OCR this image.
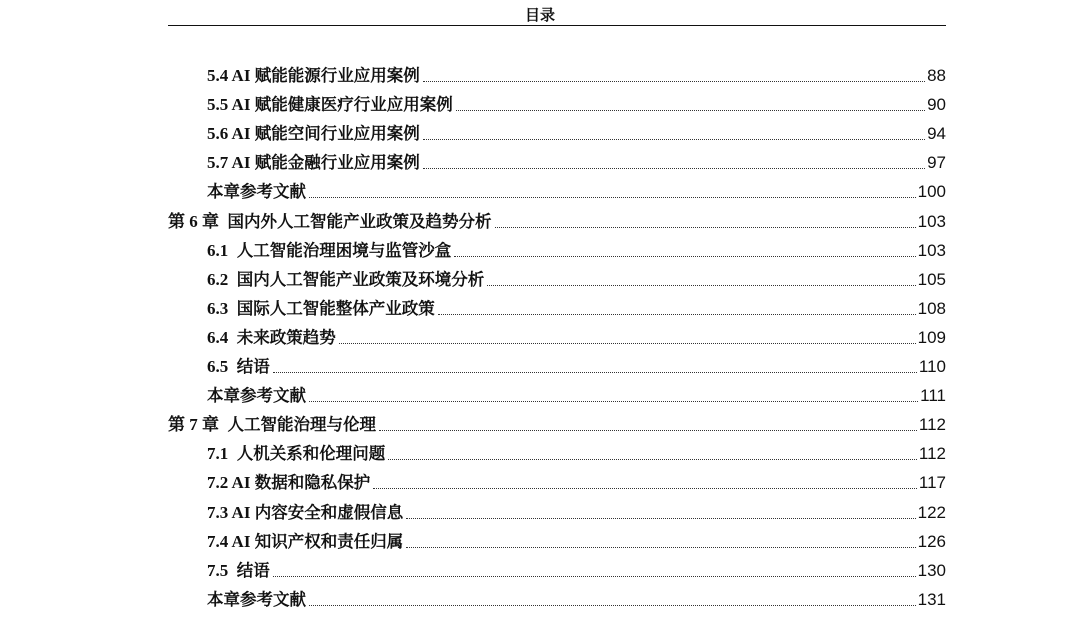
目录
5.4 AI 赋能能源行业应用案例	88
5.5 AI 赋能健康医疗行业应用案例	90
5.6 AI 赋能空间行业应用案例	94
5.7 AI 赋能金融行业应用案例	97
本章参考文献	100
第 6 章 国内外人工智能产业政策及趋势分析	103
6.1 人工智能治理困境与监管沙盒	103
6.2 国内人工智能产业政策及环境分析	105
6.3 国际人工智能整体产业政策	108
6.4 未来政策趋势	109
6.5 结语	110
本章参考文献	111
第 7 章 人工智能治理与伦理	112
7.1 人机关系和伦理问题	112
7.2 AI 数据和隐私保护	117
7.3 AI 内容安全和虚假信息	122
7.4 AI 知识产权和责任归属	126
7.5 结语	130
本章参考文献	131
